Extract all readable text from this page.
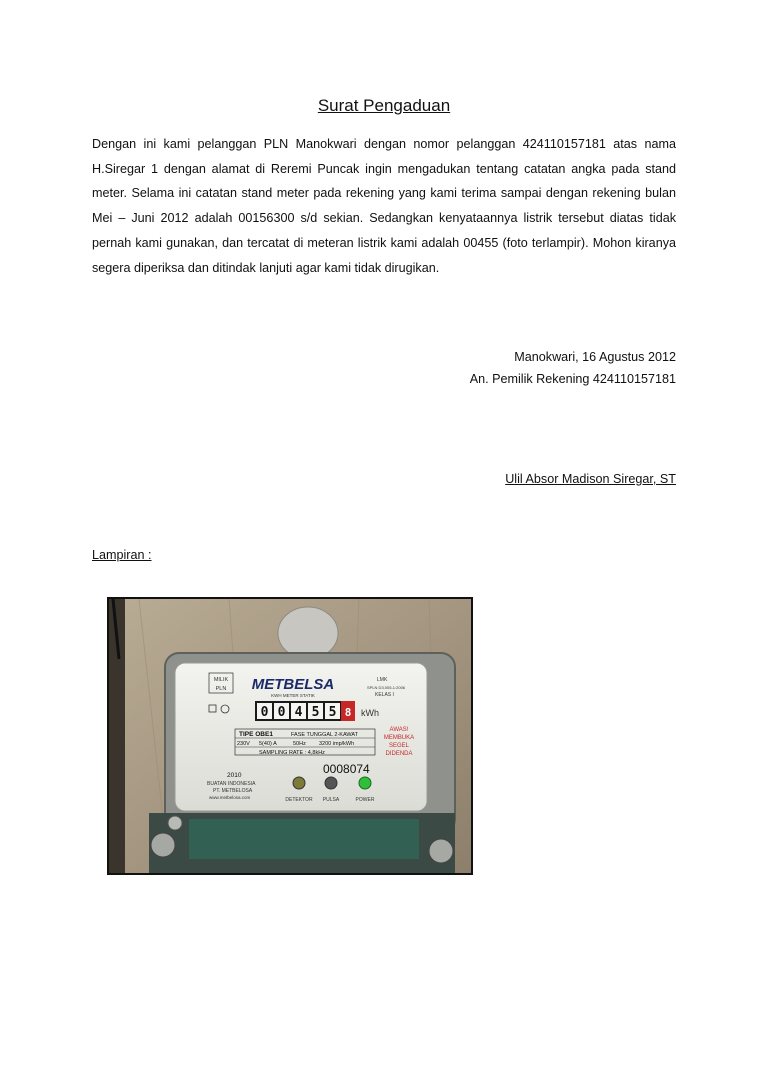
Surat Pengaduan

Dengan ini kami pelanggan PLN Manokwari dengan nomor pelanggan 424110157181 atas nama H.Siregar 1 dengan alamat di Reremi Puncak ingin mengadukan tentang catatan angka pada stand meter. Selama ini catatan stand meter pada rekening yang kami terima sampai dengan rekening bulan Mei – Juni 2012 adalah 00156300 s/d sekian. Sedangkan kenyataannya listrik tersebut diatas tidak pernah kami gunakan, dan tercatat di meteran listrik kami adalah 00455 (foto terlampir). Mohon kiranya segera diperiksa dan ditindak lanjuti agar kami tidak dirugikan.

Manokwari, 16 Agustus 2012
An. Pemilik Rekening 424110157181
Ulil Absor Madison Siregar, ST
Lampiran :
MILIK
PLN METBELSA
KWH METER STATIK
LMK
SPLN D3.005-1:2006
KELAS I
0 0 4 5 5 8 kWh
TIPE OBE1	FASE TUNGGAL 2-KAWAT
230V 5(40) A	50Hz 3200 imp/kWh
SAMPLING RATE : 4,8kHz
AWAS!
MEMBUKA
SEGEL
DIDENDA
2010	0008074
BUATAN INDONESIA
PT. METBELOSA
www.metbelosa.com	DETEKTOR PULSA	POWER
